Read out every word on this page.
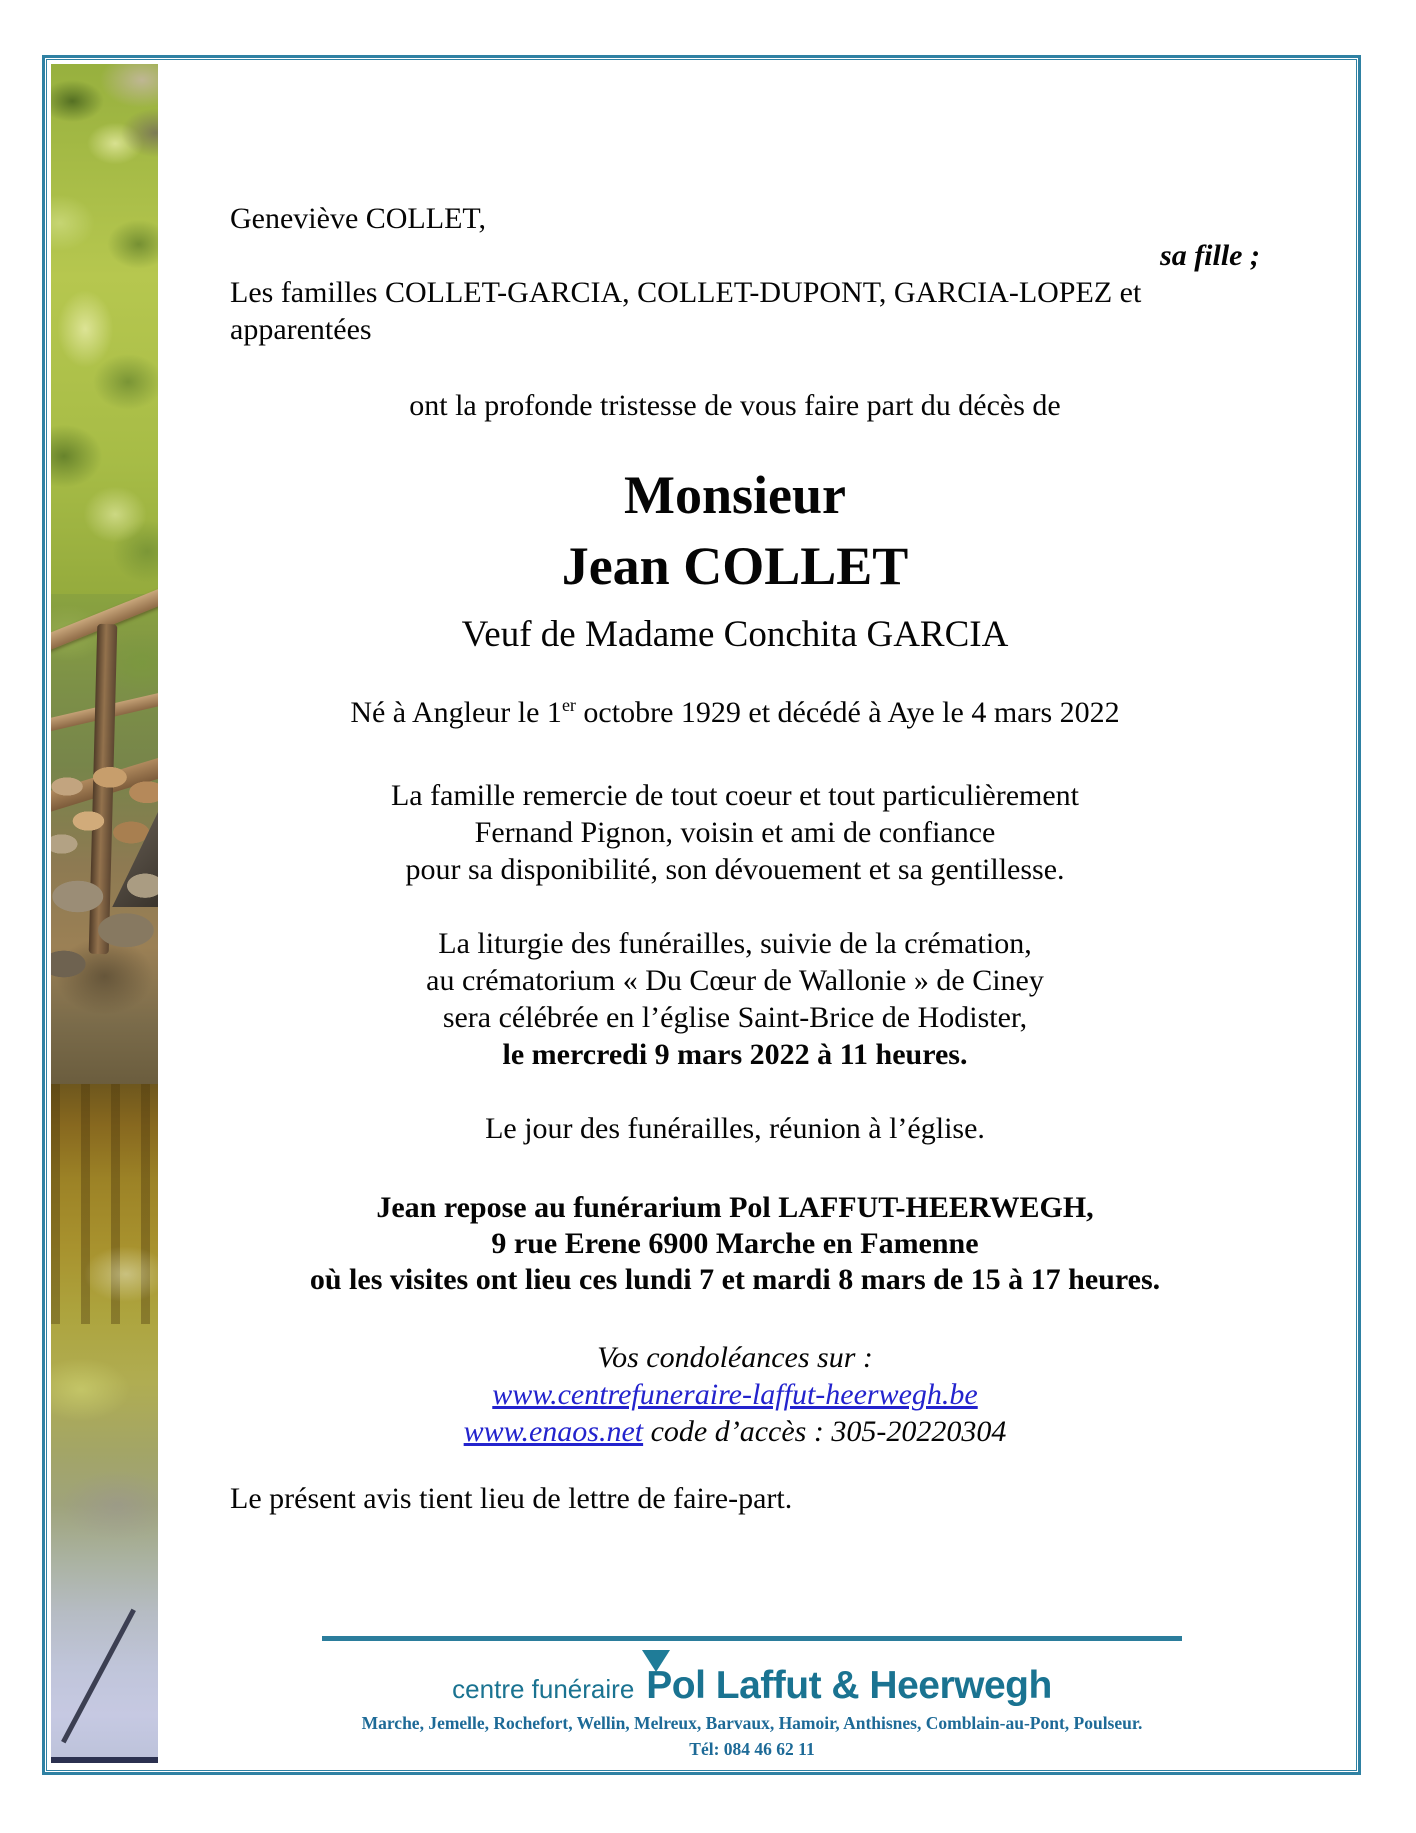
Geneviève COLLET,
sa fille ;
Les familles COLLET-GARCIA, COLLET-DUPONT, GARCIA-LOPEZ et
apparentées
ont la profonde tristesse de vous faire part du décès de
Monsieur
Jean COLLET
Veuf de Madame Conchita GARCIA
Né à Angleur le 1er octobre 1929 et décédé à Aye le 4 mars 2022
La famille remercie de tout coeur et tout particulièrement
Fernand Pignon, voisin et ami de confiance
pour sa disponibilité, son dévouement et sa gentillesse.
La liturgie des funérailles, suivie de la crémation,
au crématorium « Du Cœur de Wallonie » de Ciney
sera célébrée en l’église Saint-Brice de Hodister,
le mercredi 9 mars 2022 à 11 heures.
Le jour des funérailles, réunion à l’église.
Jean repose au funérarium Pol LAFFUT-HEERWEGH,
9 rue Erene 6900 Marche en Famenne
où les visites ont lieu ces lundi 7 et mardi 8 mars de 15 à 17 heures.
Vos condoléances sur :
www.centrefuneraire-laffut-heerwegh.be
www.enaos.net code d’accès : 305-20220304
Le présent avis tient lieu de lettre de faire-part.
centre funéraire Pol Laffut & Heerwegh
Marche, Jemelle, Rochefort, Wellin, Melreux, Barvaux, Hamoir, Anthisnes, Comblain-au-Pont, Poulseur.
Tél: 084 46 62 11
